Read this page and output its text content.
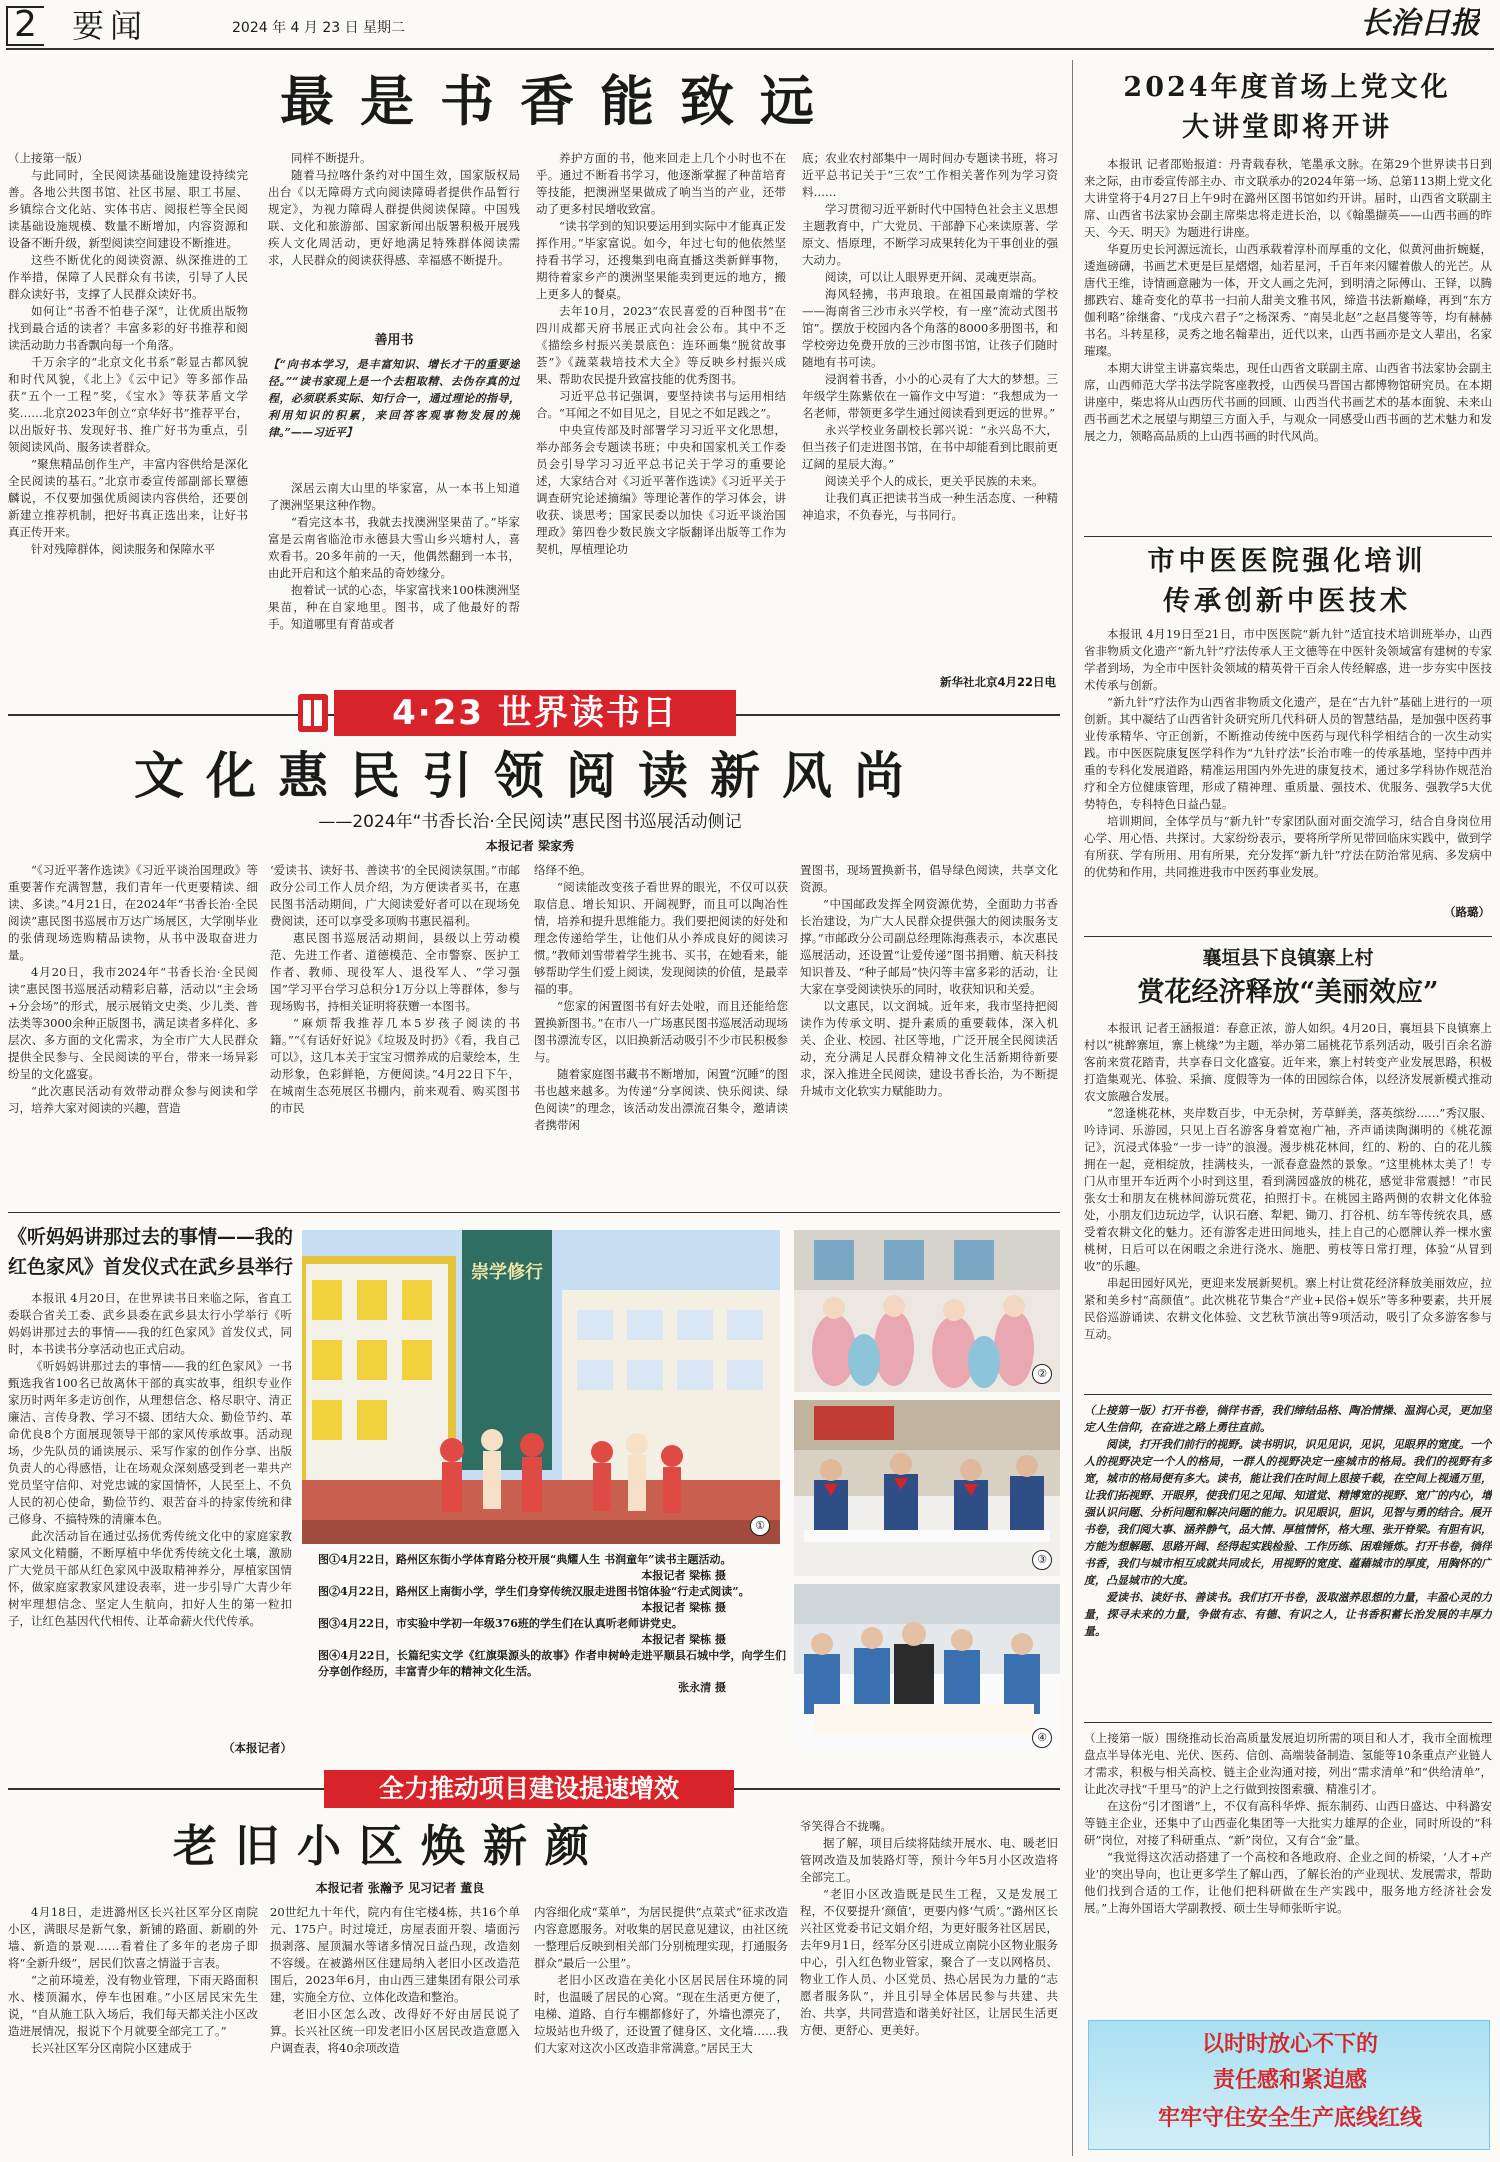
2 要闻	2024 年 4 月 23 日 星期二	长治日报
最是书香能致远

（上接第一版）

与此同时，全民阅读基础设施建设持续完善。各地公共图书馆、社区书屋、职工书屋、乡镇综合文化站、实体书店、阅报栏等全民阅读基础设施规模、数量不断增加，内容资源和设备不断升级，新型阅读空间建设不断推进。

这些不断优化的阅读资源、纵深推进的工作举措，保障了人民群众有书读，引导了人民群众读好书，支撑了人民群众读好书。

如何让“书香不怕巷子深”，让优质出版物找到最合适的读者？丰富多彩的好书推荐和阅读活动助力书香飘向每一个角落。

千万余字的“北京文化书系”彰显古都风貌和时代风貌，《北上》《云中记》等多部作品获“五个一工程”奖，《宝水》等获茅盾文学奖……北京2023年创立“京华好书”推荐平台，以出版好书、发现好书、推广好书为重点，引领阅读风尚、服务读者群众。

“聚焦精品创作生产，丰富内容供给是深化全民阅读的基石。”北京市委宣传部副部长覃德麟说，不仅要加强优质阅读内容供给，还要创新建立推荐机制，把好书真正选出来，让好书真正传开来。

针对残障群体，阅读服务和保障水平

同样不断提升。

随着马拉喀什条约对中国生效，国家版权局出台《以无障碍方式向阅读障碍者提供作品暂行规定》，为视力障碍人群提供阅读保障。中国残联、文化和旅游部、国家新闻出版署积极开展残疾人文化周活动，更好地满足特殊群体阅读需求，人民群众的阅读获得感、幸福感不断提升。

善用书
【“向书本学习，是丰富知识、增长才干的重要途径。”“读书家现上是一个去粗取精、去伪存真的过程，必须联系实际、知行合一，通过理论的指导，利用知识的积累，来回答客观事物发展的规律。”——习近平】

深居云南大山里的毕家富，从一本书上知道了澳洲坚果这种作物。

“看完这本书，我就去找澳洲坚果苗了。”毕家富是云南省临沧市永德县大雪山乡兴塘村人，喜欢看书。20多年前的一天，他偶然翻到一本书，由此开启和这个舶来品的奇妙缘分。

抱着试一试的心态，毕家富找来100株澳洲坚果苗，种在自家地里。图书，成了他最好的帮手。知道哪里有育苗或者

养护方面的书，他来回走上几个小时也不在乎。通过不断看书学习，他逐渐掌握了种苗培育等技能，把澳洲坚果做成了响当当的产业，还带动了更多村民增收致富。

“读书学到的知识要运用到实际中才能真正发挥作用。”毕家富说。如今，年过七旬的他依然坚持看书学习，还搜集到电商直播这类新鲜事物，期待着家乡产的澳洲坚果能卖到更远的地方，搬上更多人的餐桌。

去年10月，2023“农民喜爱的百种图书”在四川成都天府书展正式向社会公布。其中不乏《描绘乡村振兴美景底色：连环画集“脱贫故事荟”》《蔬菜栽培技术大全》等反映乡村振兴成果、帮助农民提升致富技能的优秀图书。

习近平总书记强调，要坚持读书与运用相结合。“耳闻之不如目见之，目见之不如足践之”。

中央宣传部及时部署学习习近平文化思想，举办部务会专题读书班；中央和国家机关工作委员会引导学习习近平总书记关于学习的重要论述，大家结合对《习近平著作选读》《习近平关于调查研究论述摘编》等理论著作的学习体会，讲收获、谈思考；国家民委以加快《习近平谈治国理政》第四卷少数民族文字版翻译出版等工作为契机，厚植理论功

底；农业农村部集中一周时间办专题读书班，将习近平总书记关于“三农”工作相关著作列为学习资料……

学习贯彻习近平新时代中国特色社会主义思想主题教育中，广大党员、干部静下心来读原著、学原文、悟原理，不断学习成果转化为干事创业的强大动力。

阅读，可以让人眼界更开阔、灵魂更崇高。

海风轻拂，书声琅琅。在祖国最南端的学校——海南省三沙市永兴学校，有一座“流动式图书馆”。摆放于校园内各个角落的8000多册图书，和学校旁边免费开放的三沙市图书馆，让孩子们随时随地有书可读。

浸润着书香，小小的心灵有了大大的梦想。三年级学生陈紫依在一篇作文中写道：“我想成为一名老师，带领更多学生通过阅读看到更远的世界。”

永兴学校业务副校长郭兴说：“永兴岛不大，但当孩子们走进图书馆，在书中却能看到比眼前更辽阔的星辰大海。”

阅读关乎个人的成长，更关乎民族的未来。

让我们真正把读书当成一种生活态度、一种精神追求，不负春光，与书同行。

新华社北京4月22日电
4·23 世界读书日
文化惠民引领阅读新风尚
——2024年“书香长治·全民阅读”惠民图书巡展活动侧记
本报记者 梁家秀

“《习近平著作选读》《习近平谈治国理政》等重要著作充满智慧，我们青年一代更要精读、细读、多读。”4月21日，在2024年“书香长治·全民阅读”惠民图书巡展市万达广场展区，大学刚毕业的张倩现场选购精品读物，从书中汲取奋进力量。

4月20日，我市2024年“书香长治·全民阅读”惠民图书巡展活动精彩启幕，活动以“主会场+分会场”的形式，展示展销文史类、少儿类、普法类等3000余种正版图书，满足读者多样化、多层次、多方面的文化需求，为全市广大人民群众提供全民参与、全民阅读的平台，带来一场异彩纷呈的文化盛宴。

“此次惠民活动有效带动群众参与阅读和学习，培养大家对阅读的兴趣，营造

‘爱读书、读好书、善读书’的全民阅读氛围。”市邮政分公司工作人员介绍，为方便读者买书，在惠民图书活动期间，广大阅读爱好者可以在现场免费阅读，还可以享受多项购书惠民福利。

惠民图书巡展活动期间，县级以上劳动模范、先进工作者、道德模范、全市警察、医护工作者、教师、现役军人、退役军人、“学习强国”学习平台学习总积分1万分以上等群体，参与现场购书，持相关证明将获赠一本图书。

“麻烦帮我推荐几本5岁孩子阅读的书籍。”“《有话好好说》《垃圾及时扔》《看，我自己可以》，这几本关于宝宝习惯养成的启蒙绘本，生动形象，色彩鲜艳，方便阅读。”4月22日下午，在城南生态苑展区书棚内，前来观看、购买图书的市民

络绎不绝。

“阅读能改变孩子看世界的眼光，不仅可以获取信息、增长知识、开阔视野，而且可以陶冶性情，培养和提升思维能力。我们要把阅读的好处和理念传递给学生，让他们从小养成良好的阅读习惯。”教师刘雪带着学生挑书、买书，在她看来，能够帮助学生们爱上阅读，发现阅读的价值，是最幸福的事。

“您家的闲置图书有好去处啦，而且还能给您置换新图书。”在市八一广场惠民图书巡展活动现场图书漂流专区，以旧换新活动吸引不少市民积极参与。

随着家庭图书藏书不断增加，闲置“沉睡”的图书也越来越多。为传递“分享阅读、快乐阅读、绿色阅读”的理念，该活动发出漂流召集令，邀请读者携带闲

置图书，现场置换新书，倡导绿色阅读，共享文化资源。

“中国邮政发挥全网资源优势，全面助力书香长治建设，为广大人民群众提供强大的阅读服务支撑。”市邮政分公司副总经理陈海燕表示，本次惠民巡展活动，还设置“让爱传递”图书捐赠、航天科技知识普及、“种子邮局”快闪等丰富多彩的活动，让大家在享受阅读快乐的同时，收获知识和关爱。

以文惠民，以文润城。近年来，我市坚持把阅读作为传承文明、提升素质的重要载体，深入机关、企业、校园、社区等地，广泛开展全民阅读活动，充分满足人民群众精神文化生活新期待新要求，深入推进全民阅读，建设书香长治，为不断提升城市文化软实力赋能助力。

《听妈妈讲那过去的事情——我的
红色家风》首发仪式在武乡县举行

本报讯 4月20日，在世界读书日来临之际，省直工委联合省关工委、武乡县委在武乡县太行小学举行《听妈妈讲那过去的事情——我的红色家风》首发仪式，同时，本书读书分享活动也正式启动。

《听妈妈讲那过去的事情——我的红色家风》一书甄选我省100名已故离休干部的真实故事，组织专业作家历时两年多走访创作，从理想信念、格尽职守、清正廉洁、言传身教、学习不辍、团结大众、勤俭节约、革命优良8个方面展现领导干部的家风传承故事。活动现场，少先队员的诵读展示、采写作家的创作分享、出版负责人的心得感悟，让在场观众深刻感受到老一辈共产党员坚守信仰、对党忠诚的家国情怀，人民至上、不负人民的初心使命，勤俭节约、艰苦奋斗的持家传统和律己修身、不搞特殊的清廉本色。

此次活动旨在通过弘扬优秀传统文化中的家庭家教家风文化精髓，不断厚植中华优秀传统文化土壤，激励广大党员干部从红色家风中汲取精神养分，厚植家国情怀，做家庭家教家风建设表率，进一步引导广大青少年树牢理想信念、坚定人生航向，扣好人生的第一粒扣子，让红色基因代代相传、让革命薪火代代传承。

（本报记者）
崇学修行
①
②
③
④

图①4月22日，路州区东街小学体育路分校开展“典耀人生 书润童年”读书主题活动。

本报记者 梁栋 摄

图②4月22日，路州区上南街小学，学生们身穿传统汉服走进图书馆体验“行走式阅读”。

本报记者 梁栋 摄

图③4月22日，市实验中学初一年级376班的学生们在认真听老师讲党史。

本报记者 梁栋 摄

图④4月22日，长篇纪实文学《红旗渠源头的故事》作者申树岭走进平顺县石城中学，向学生们分享创作经历，丰富青少年的精神文化生活。

张永清 摄

全力推动项目建设提速增效
老旧小区焕新颜
本报记者 张瀚予 见习记者 董良

4月18日，走进潞州区长兴社区军分区南院小区，满眼尽是新气象，新铺的路面、新刷的外墙、新造的景观……看着住了多年的老房子即将“全新升级”，居民们饮喜之情溢于言表。

“之前环境差，没有物业管理，下雨天路面积水、楼顶漏水，停车也困难。”小区居民宋先生说，“自从施工队入场后，我们每天都关注小区改造进展情况，报说下个月就要全部完工了。”

长兴社区军分区南院小区建成于

20世纪九十年代，院内有住宅楼4栋，共16个单元、175户。时过境迁，房屋表面开裂、墙面污损剥落、屋顶漏水等诸多情况日益凸现，改造刻不容缓。在被潞州区住建局纳入老旧小区改造范围后，2023年6月，由山西三建集团有限公司承建，实施全方位、立体化改造和整治。

老旧小区怎么改、改得好不好由居民说了算。长兴社区统一印发老旧小区居民改造意愿入户调查表，将40余项改造

内容细化成“菜单”，为居民提供“点菜式”征求改造内容意愿服务。对收集的居民意见建议，由社区统一整理后反映到相关部门分别梳理实现，打通服务群众“最后一公里”。

老旧小区改造在美化小区居民居住环境的同时，也温暖了居民的心窝。“现在生活更方便了，电梯、道路、自行车棚都修好了，外墙也漂亮了，垃圾站也升级了，还设置了健身区、文化墙……我们大家对这次小区改造非常满意。”居民王大

爷笑得合不拢嘴。

据了解，项目后续将陆续开展水、电、暖老旧管网改造及加装路灯等，预计今年5月小区改造将全部完工。

“老旧小区改造既是民生工程，又是发展工程，不仅要提升‘颜值’，更要内修‘气质’。”潞州区长兴社区党委书记文娟介绍，为更好服务社区居民，去年9月1日，经军分区引进成立南院小区物业服务中心，引入红色物业管家，聚合了一支以网格员、物业工作人员、小区党员、热心居民为力量的“志愿者服务队”，并且引导全体居民参与共建、共治、共享，共同营造和谐美好社区，让居民生活更方便、更舒心、更美好。

2024年度首场上党文化
大讲堂即将开讲

本报讯 记者邵贻报道：丹青载春秋，笔墨承文脉。在第29个世界读书日到来之际，由市委宣传部主办、市文联承办的2024年第一场、总第113期上党文化大讲堂将于4月27日上午9时在潞州区图书馆如约开讲。届时，山西省文联副主席、山西省书法家协会副主席柴忠将走进长治，以《翰墨撷英——山西书画的昨天、今天、明天》为题进行讲座。

华夏历史长河源远流长，山西承载着淳朴而厚重的文化，似黄河曲折蜿蜒，逶迤磅礴，书画艺术更是巨星熠熠，灿若星河，千百年来闪耀着傲人的光芒。从唐代王维，诗情画意融为一体，开文人画之先河，到明清之际傅山、王铎，以腾挪跌宕、雄奇变化的草书一扫前人甜美文雅书风，缔造书法新巅峰，再到“东方伽利略”徐继畬、“戊戌六君子”之杨深秀、“南吴北赵”之赵昌燮等等，均有赫赫书名。斗转星移，灵秀之地名翰辈出，近代以来，山西书画亦是文人辈出，名家璀璨。

本期大讲堂主讲嘉宾柴忠，现任山西省文联副主席、山西省书法家协会副主席，山西师范大学书法学院客座教授，山西侯马晋国古都博物馆研究员。在本期讲座中，柴忠将从山西历代书画的回顾、山西当代书画艺术的基本面貌、未来山西书画艺术之展望与期望三方面入手，与观众一同感受山西书画的艺术魅力和发展之力，领略高品质的上山西书画的时代风尚。

市中医医院强化培训
传承创新中医技术

本报讯 4月19日至21日，市中医医院“新九针”适宜技术培训班举办，山西省非物质文化遗产“新九针”疗法传承人王文德等在中医针灸领域富有建树的专家学者到场，为全市中医针灸领域的精英骨干百余人传经解惑，进一步夯实中医技术传承与创新。

“新九针”疗法作为山西省非物质文化遗产，是在“古九针”基础上进行的一项创新。其中凝结了山西省针灸研究所几代科研人员的智慧结晶，是加强中医药事业传承精华、守正创新，不断推动传统中医药与现代科学相结合的一次生动实践。市中医医院康复医学科作为“九针疗法”长治市唯一的传承基地，坚持中西并重的专科化发展道路，精准运用国内外先进的康复技术，通过多学科协作规范治疗和全方位健康管理，形成了精神理、重质量、强技术、优服务、强教学5大优势特色，专科特色日益凸显。

培训期间，全体学员与“新九针”专家团队面对面交流学习，结合自身岗位用心学、用心悟、共探讨。大家纷纷表示，要将所学所见带回临床实践中，做到学有所获、学有所用、用有所果，充分发挥“新九针”疗法在防治常见病、多发病中的优势和作用，共同推进我市中医药事业发展。

（路璐）
襄垣县下良镇寨上村
赏花经济释放“美丽效应”

本报讯 记者王涵报道：春意正浓，游人如织。4月20日，襄垣县下良镇寨上村以“桃醉寨垣，寨上桃缘”为主题，举办第二届桃花节系列活动，吸引百余名游客前来赏花踏青，共享春日文化盛宴。近年来，寨上村转变产业发展思路，积极打造集观光、体验、采摘、度假等为一体的田园综合体，以经济发展新模式推动农文旅融合发展。

“忽逢桃花林，夹岸数百步，中无杂树，芳草鲜美，落英缤纷……”秀汉服、吟诗词、乐游园，只见上百名游客身着宽袍广袖，齐声诵读陶渊明的《桃花源记》，沉浸式体验“一步一诗”的浪漫。漫步桃花林间，红的、粉的、白的花儿簇拥在一起，竞相绽放，挂满枝头，一派春意盎然的景象。“这里桃林太美了！专门从市里开车近两个小时到这里，看到满园盛放的桃花，感觉非常震撼！”市民张女士和朋友在桃林间游玩赏花，拍照打卡。在桃园主路两侧的农耕文化体验处，小朋友们边玩边学，认识石磨、犁耙、锄刀、打谷机、纺车等传统农具，感受着农耕文化的魅力。还有游客走进田间地头，挂上自己的心愿牌认养一棵水蜜桃树，日后可以在闲暇之余进行浇水、施肥、剪枝等日常打理，体验“从冒到收”的乐趣。

串起田园好风光，更迎来发展新契机。寨上村让赏花经济释放美丽效应，拉紧和美乡村“高颜值”。此次桃花节集合“产业+民俗+娱乐”等多种要素，共开展民俗巡游诵读、农耕文化体验、文艺秋节演出等9项活动，吸引了众多游客参与互动。

（上接第一版）打开书卷，徜徉书香，我们缔结品格、陶冶情操、温润心灵，更加坚定人生信仰，在奋进之路上勇往直前。

阅读，打开我们前行的视野。读书明识，识见见识，见识，见眼界的宽度。一个人的视野决定一个人的格局，一群人的视野决定一座城市的格局。我们的视野有多宽，城市的格局便有多大。读书，能让我们在时间上思接千载，在空间上视通万里，让我们拓视野、开眼界，使我们见之见闻、知道觉、精博宽的视野、宽广的内心，增强认识问题、分析问题和解决问题的能力。识见眼识，胆识，见智与勇的结合。展开书卷，我们阅大事、涵养静气，品大情、厚植情怀，格大理、张开脊梁。有胆有识，方能为想解题、思路开阔、经得起实践检验、工作历练、困难锤炼。打开书卷，徜徉书香，我们与城市相互成就共同成长，用视野的宽度、蕴藉城市的厚度，用胸怀的广度，凸显城市的大度。

爱读书、读好书、善读书。我们打开书卷，汲取滋养思想的力量，丰盈心灵的力量，探寻未来的力量，争做有志、有德、有识之人，让书香积蓄长治发展的丰厚力量。

（上接第一版）围绕推动长治高质量发展迫切所需的项目和人才，我市全面梳理盘点半导体光电、光伏、医药、信创、高端装备制造、氢能等10条重点产业链人才需求，积极与相关高校、链主企业沟通对接，列出“需求清单”和“供给清单”，让此次寻找“千里马”的沪上之行做到按图索骥、精准引才。

在这份“引才图谱”上，不仅有高科华烨、振东制药、山西日盛达、中科潞安等链主企业，还集中了山西壶化集团等一大批实力雄厚的企业，同时所设的“科研”岗位，对接了科研重点、“新”岗位，又有合“金”量。

“我觉得这次活动搭建了一个高校和各地政府、企业之间的桥梁，‘人才+产业’的突出导向，也让更多学生了解山西，了解长治的产业现状、发展需求，帮助他们找到合适的工作，让他们把科研做在生产实践中，服务地方经济社会发展。”上海外国语大学副教授、硕士生导师张昕宇说。

以时时放心不下的
责任感和紧迫感
牢牢守住安全生产底线红线
